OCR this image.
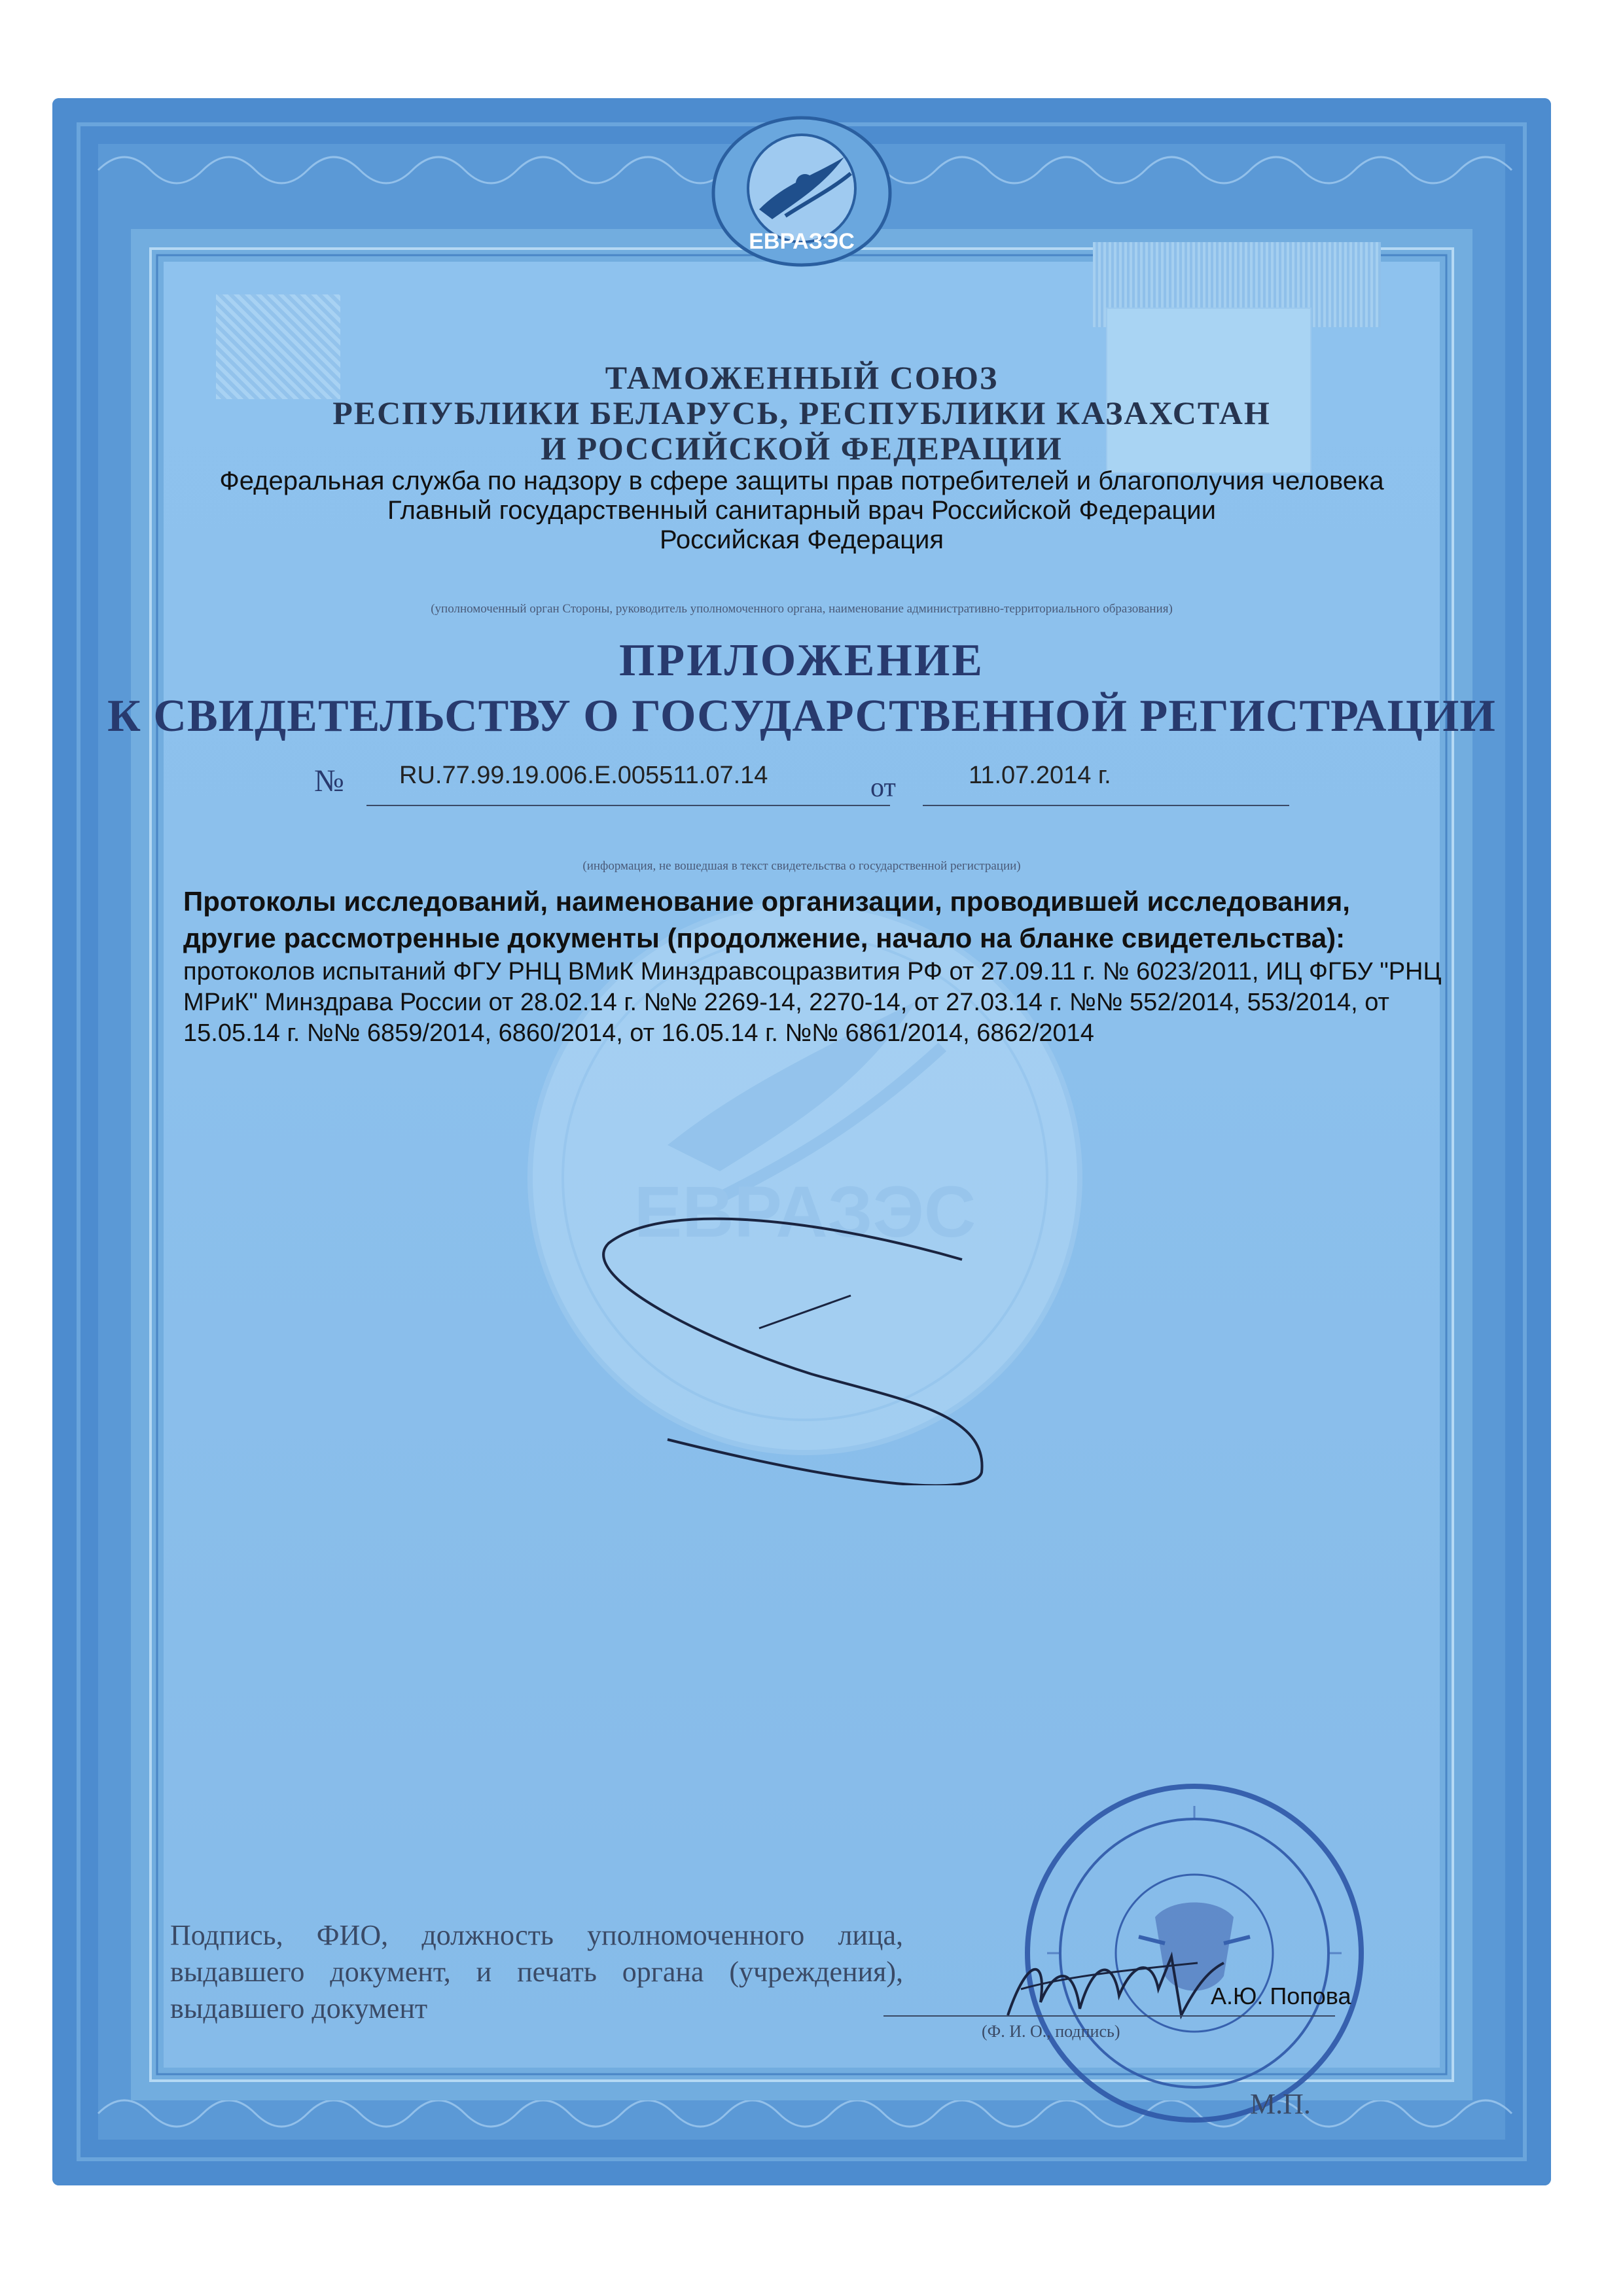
ЕВРАЗЭС
ЕВРАЗЭС

ТАМОЖЕННЫЙ СОЮЗ

РЕСПУБЛИКИ БЕЛАРУСЬ, РЕСПУБЛИКИ КАЗАХСТАН

И РОССИЙСКОЙ ФЕДЕРАЦИИ

Федеральная служба по надзору в сфере защиты прав потребителей и благополучия человека

Главный государственный санитарный врач Российской Федерации

Российская Федерация

(уполномоченный орган Стороны, руководитель уполномоченного органа, наименование административно-территориального образования)

ПРИЛОЖЕНИЕ

К СВИДЕТЕЛЬСТВУ О ГОСУДАРСТВЕННОЙ РЕГИСТРАЦИИ

№ RU.77.99.19.006.Е.005511.07.14	от	11.07.2014 г.

(информация, не вошедшая в текст свидетельства о государственной регистрации)

Протоколы исследований, наименование организации, проводившей исследования, другие рассмотренные документы (продолжение, начало на бланке свидетельства):

протоколов испытаний ФГУ РНЦ ВМиК Минздравсоцразвития РФ от 27.09.11 г. № 6023/2011, ИЦ ФГБУ "РНЦ МРиК" Минздрава России от 28.02.14 г. №№ 2269-14, 2270-14, от 27.03.14 г. №№ 552/2014, 553/2014, от 15.05.14 г. №№ 6859/2014, 6860/2014, от 16.05.14 г. №№ 6861/2014, 6862/2014

Подпись, ФИО, должность уполномоченного лица, выдавшего документ, и печать органа (учреждения), выдавшего документ	А.Ю. Попова
(Ф. И. О., подпись)
М.П.
